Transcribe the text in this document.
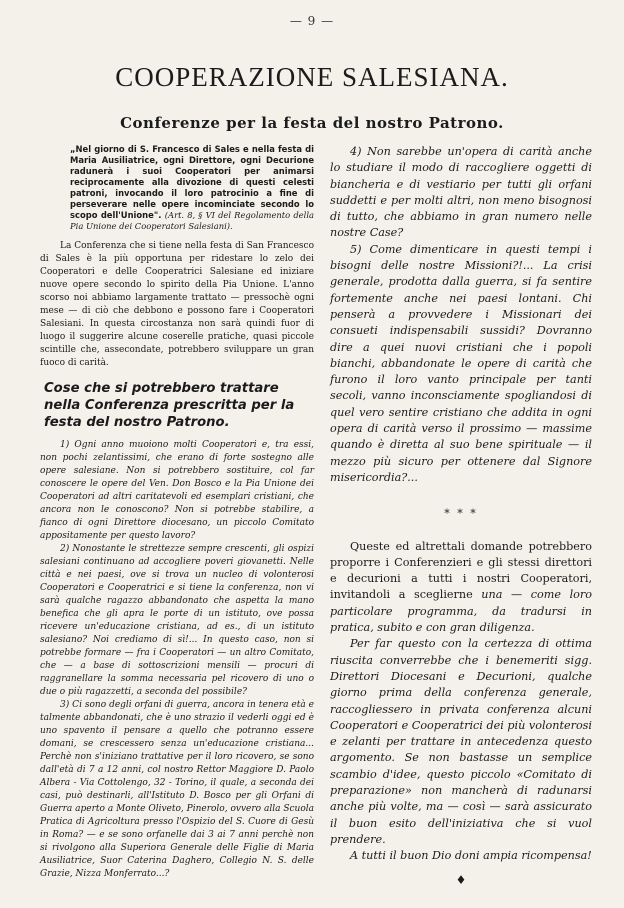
— 9 —
COOPERAZIONE SALESIANA.
Conferenze per la festa del nostro Patrono.

„Nel giorno di S. Francesco di Sales e nella festa di Maria Ausiliatrice, ogni Direttore, ogni Decurione radunerà i suoi Cooperatori per animarsi reciprocamente alla divozione di questi celesti patroni, invocando il loro patrocinio a fine di perseverare nelle opere incominciate secondo lo scopo dell'Unione". (Art. 8, § VI del Regolamento della Pia Unione dei Cooperatori Salesiani).

La Conferenza che si tiene nella festa di San Francesco di Sales è la più opportuna per ridestare lo zelo dei Cooperatori e delle Cooperatrici Salesiane ed iniziare nuove opere secondo lo spirito della Pia Unione. L'anno scorso noi abbiamo largamente trattato — pressochè ogni mese — di ciò che debbono e possono fare i Cooperatori Salesiani. In questa circostanza non sarà quindi fuor di luogo il suggerire alcune coserelle pratiche, quasi piccole scintille che, assecondate, potrebbero sviluppare un gran fuoco di carità.

Cose che si potrebbero trattare nella Conferenza prescritta per la festa del nostro Patrono.

1) Ogni anno muoiono molti Cooperatori e, tra essi, non pochi zelantissimi, che erano di forte sostegno alle opere salesiane. Non si potrebbero sostituire, col far conoscere le opere del Ven. Don Bosco e la Pia Unione dei Cooperatori ad altri caritatevoli ed esemplari cristiani, che ancora non le conoscono? Non si potrebbe stabilire, a fianco di ogni Direttore diocesano, un piccolo Comitato appositamente per questo lavoro?

2) Nonostante le strettezze sempre crescenti, gli ospizi salesiani continuano ad accogliere poveri giovanetti. Nelle città e nei paesi, ove si trova un nucleo di volonterosi Cooperatori e Cooperatrici e si tiene la conferenza, non vi sarà qualche ragazzo abbandonato che aspetta la mano benefica che gli apra le porte di un istituto, ove possa ricevere un'educazione cristiana, ad es., di un istituto salesiano? Noi crediamo di sì!... In questo caso, non si potrebbe formare — fra i Cooperatori — un altro Comitato, che — a base di sottoscrizioni mensili — procuri di raggranellare la somma necessaria pel ricovero di uno o due o più ragazzetti, a seconda del possibile?

3) Ci sono degli orfani di guerra, ancora in tenera età e talmente abbandonati, che è uno strazio il vederli oggi ed è uno spavento il pensare a quello che potranno essere domani, se crescessero senza un'educazione cristiana... Perchè non s'iniziano trattative per il loro ricovero, se sono dall'età di 7 a 12 anni, col nostro Rettor Maggiore D. Paolo Albera - Via Cottolengo, 32 - Torino, il quale, a seconda dei casi, può destinarli, all'Istituto D. Bosco per gli Orfani di Guerra aperto a Monte Oliveto, Pinerolo, ovvero alla Scuola Pratica di Agricoltura presso l'Ospizio del S. Cuore di Gesù in Roma? — e se sono orfanelle dai 3 ai 7 anni perchè non si rivolgono alla Superiora Generale delle Figlie di Maria Ausiliatrice, Suor Caterina Daghero, Collegio N. S. delle Grazie, Nizza Monferrato...?

4) Non sarebbe un'opera di carità anche lo studiare il modo di raccogliere oggetti di biancheria e di vestiario per tutti gli orfani suddetti e per molti altri, non meno bisognosi di tutto, che abbiamo in gran numero nelle nostre Case?

5) Come dimenticare in questi tempi i bisogni delle nostre Missioni?!... La crisi generale, prodotta dalla guerra, si fa sentire fortemente anche nei paesi lontani. Chi penserà a provvedere i Missionari dei consueti indispensabili sussidi? Dovranno dire a quei nuovi cristiani che i popoli bianchi, abbandonate le opere di carità che furono il loro vanto principale per tanti secoli, vanno inconsciamente spogliandosi di quel vero sentire cristiano che addita in ogni opera di carità verso il prossimo — massime quando è diretta al suo bene spirituale — il mezzo più sicuro per ottenere dal Signore misericordia?...

* * *

Queste ed altrettali domande potrebbero proporre i Conferenzieri e gli stessi direttori e decurioni a tutti i nostri Cooperatori, invitandoli a sceglierne una — come loro particolare programma, da tradursi in pratica, subito e con gran diligenza.

Per far questo con la certezza di ottima riuscita converrebbe che i benemeriti sigg. Direttori Diocesani e Decurioni, qualche giorno prima della conferenza generale, raccogliessero in privata conferenza alcuni Cooperatori e Cooperatrici dei più volonterosi e zelanti per trattare in antecedenza questo argomento. Se non bastasse un semplice scambio d'idee, questo piccolo «Comitato di preparazione» non mancherà di radunarsi anche più volte, ma — così — sarà assicurato il buon esito dell'iniziativa che si vuol prendere.

A tutti il buon Dio doni ampia ricompensa!

♦
